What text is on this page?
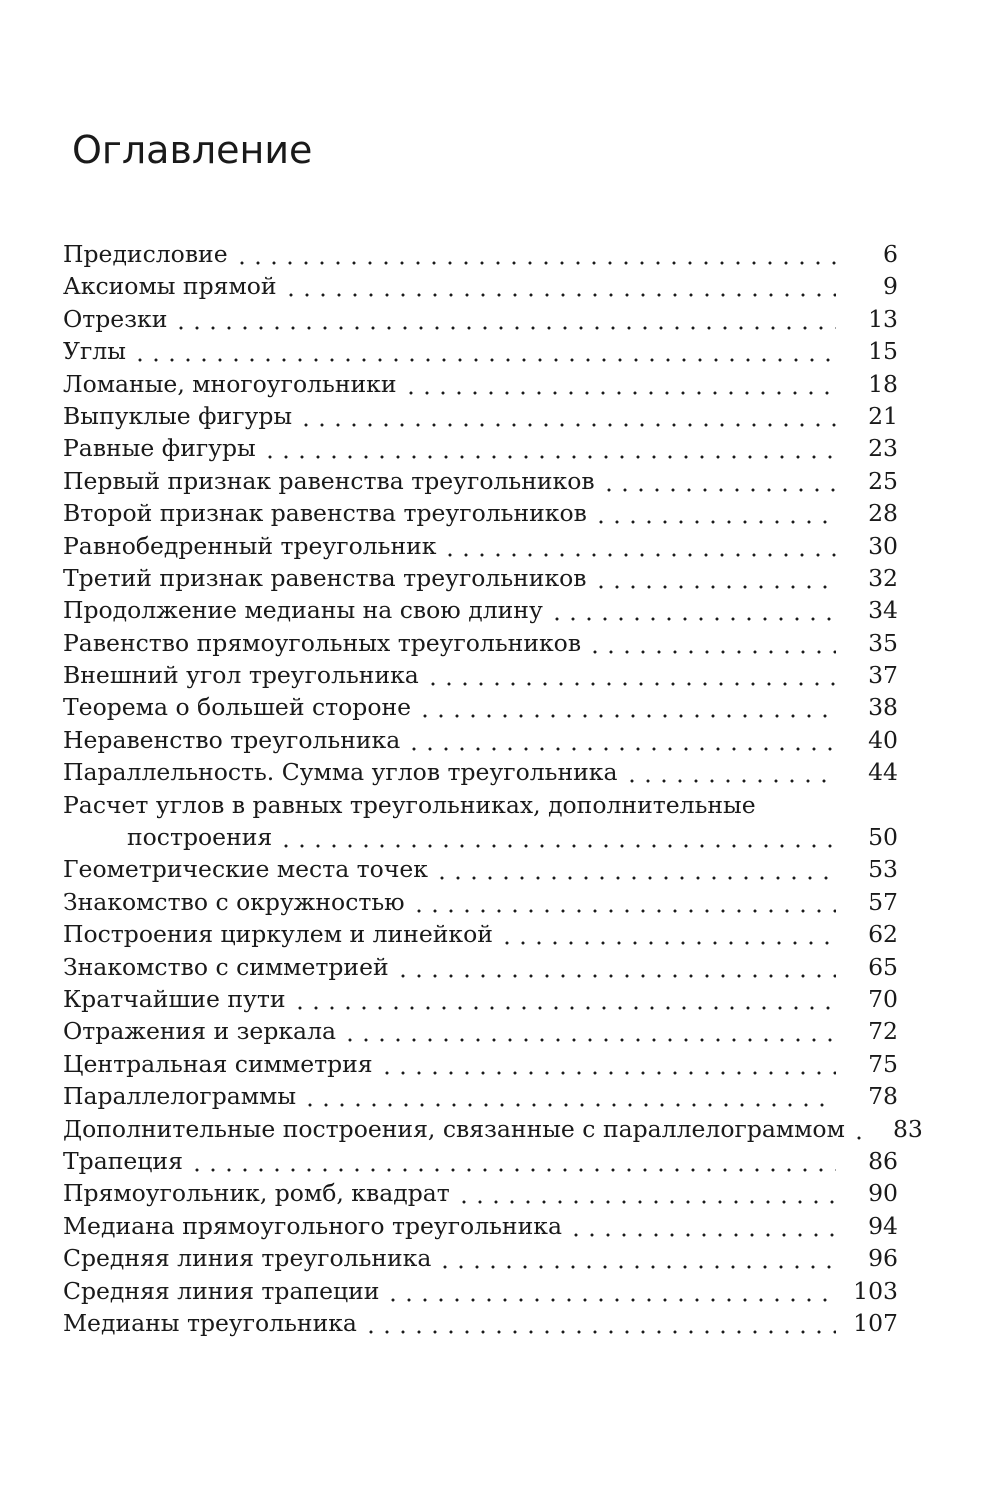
Оглавление
Предисловие	6
Аксиомы прямой	9
Отрезки	13
Углы	15
Ломаные, многоугольники	18
Выпуклые фигуры	21
Равные фигуры	23
Первый признак равенства треугольников	25
Второй признак равенства треугольников	28
Равнобедренный треугольник	30
Третий признак равенства треугольников	32
Продолжение медианы на свою длину	34
Равенство прямоугольных треугольников	35
Внешний угол треугольника	37
Теорема о большей стороне	38
Неравенство треугольника	40
Параллельность. Сумма углов треугольника	44
Расчет углов в равных треугольниках, дополнительные
построения	50
Геометрические места точек	53
Знакомство с окружностью	57
Построения циркулем и линейкой	62
Знакомство с симметрией	65
Кратчайшие пути	70
Отражения и зеркала	72
Центральная симметрия	75
Параллелограммы	78
Дополнительные построения, связанные с параллелограммом	83
Трапеция	86
Прямоугольник, ромб, квадрат	90
Медиана прямоугольного треугольника	94
Средняя линия треугольника	96
Средняя линия трапеции	103
Медианы треугольника	107
